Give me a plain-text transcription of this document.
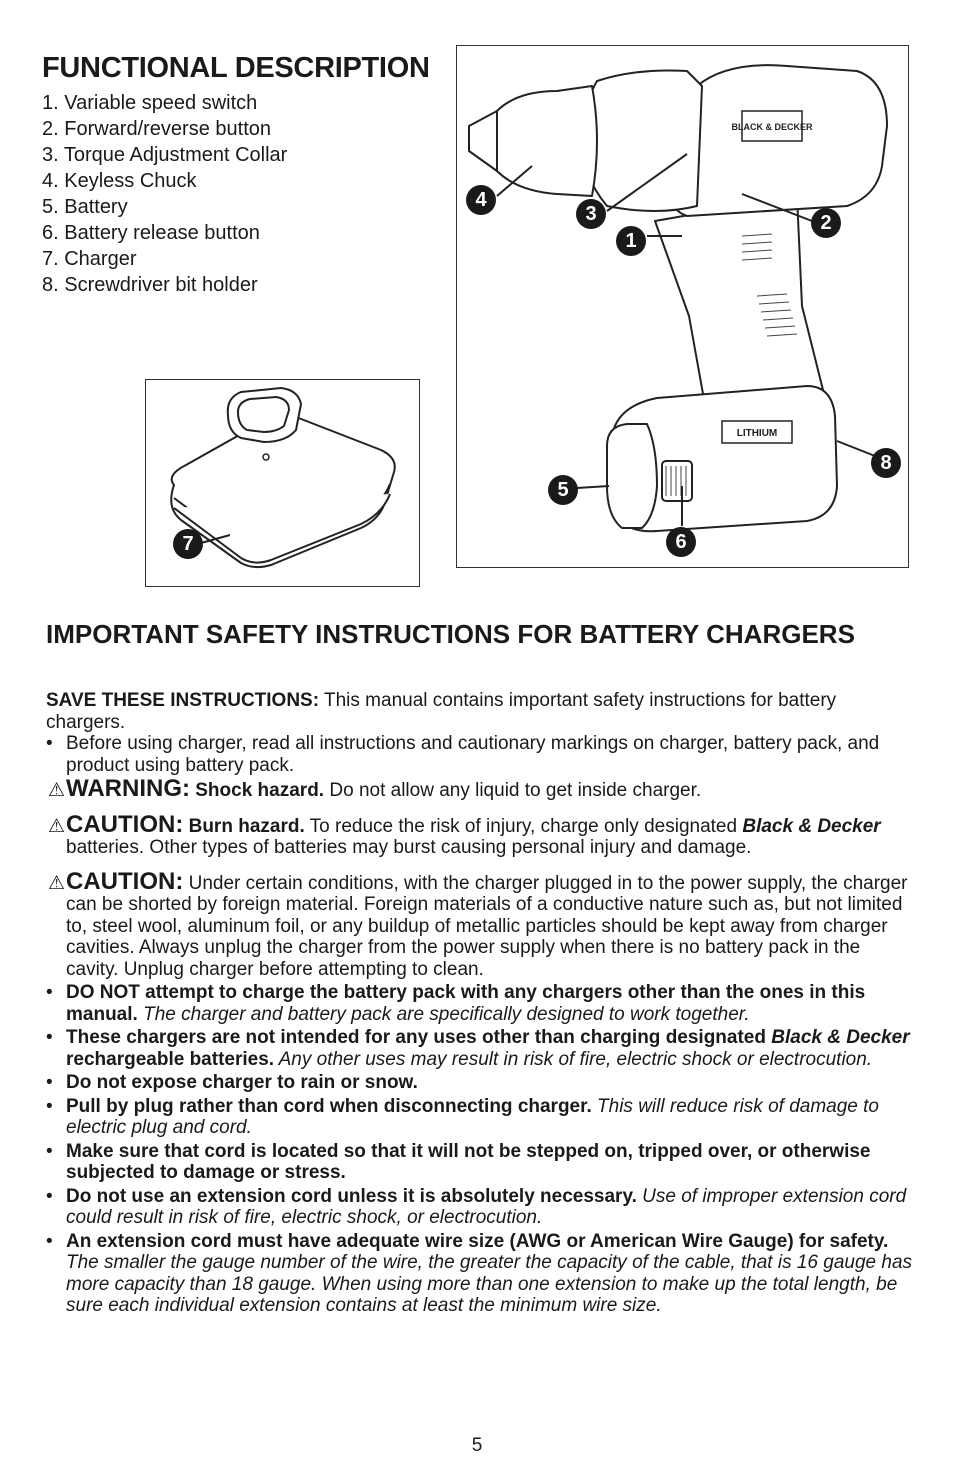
FUNCTIONAL DESCRIPTION
1. Variable speed switch
2. Forward/reverse button
3. Torque Adjustment Collar
4. Keyless Chuck
5. Battery
6. Battery release button
7. Charger
8. Screwdriver bit holder
7
BLACK & DECKER
LITHIUM
1
2
3
4
5
6
8
IMPORTANT SAFETY INSTRUCTIONS FOR BATTERY CHARGERS

SAVE THESE INSTRUCTIONS: This manual contains important safety instructions for battery chargers.

• Before using charger, read all instructions and cautionary markings on charger, battery pack, and product using battery pack.

⚠ WARNING: Shock hazard. Do not allow any liquid to get inside charger.

⚠ CAUTION: Burn hazard. To reduce the risk of injury, charge only designated Black & Decker batteries. Other types of batteries may burst causing personal injury and damage.

⚠ CAUTION: Under certain conditions, with the charger plugged in to the power supply, the charger can be shorted by foreign material. Foreign materials of a conductive nature such as, but not limited to, steel wool, aluminum foil, or any buildup of metallic particles should be kept away from charger cavities. Always unplug the charger from the power supply when there is no battery pack in the cavity. Unplug charger before attempting to clean.

• DO NOT attempt to charge the battery pack with any chargers other than the ones in this manual. The charger and battery pack are specifically designed to work together.

• These chargers are not intended for any uses other than charging designated Black & Decker rechargeable batteries. Any other uses may result in risk of fire, electric shock or electrocution.

• Do not expose charger to rain or snow.

• Pull by plug rather than cord when disconnecting charger. This will reduce risk of damage to electric plug and cord.

• Make sure that cord is located so that it will not be stepped on, tripped over, or otherwise subjected to damage or stress.

• Do not use an extension cord unless it is absolutely necessary. Use of improper extension cord could result in risk of fire, electric shock, or electrocution.

• An extension cord must have adequate wire size (AWG or American Wire Gauge) for safety. The smaller the gauge number of the wire, the greater the capacity of the cable, that is 16 gauge has more capacity than 18 gauge. When using more than one extension to make up the total length, be sure each individual extension contains at least the minimum wire size.

5
